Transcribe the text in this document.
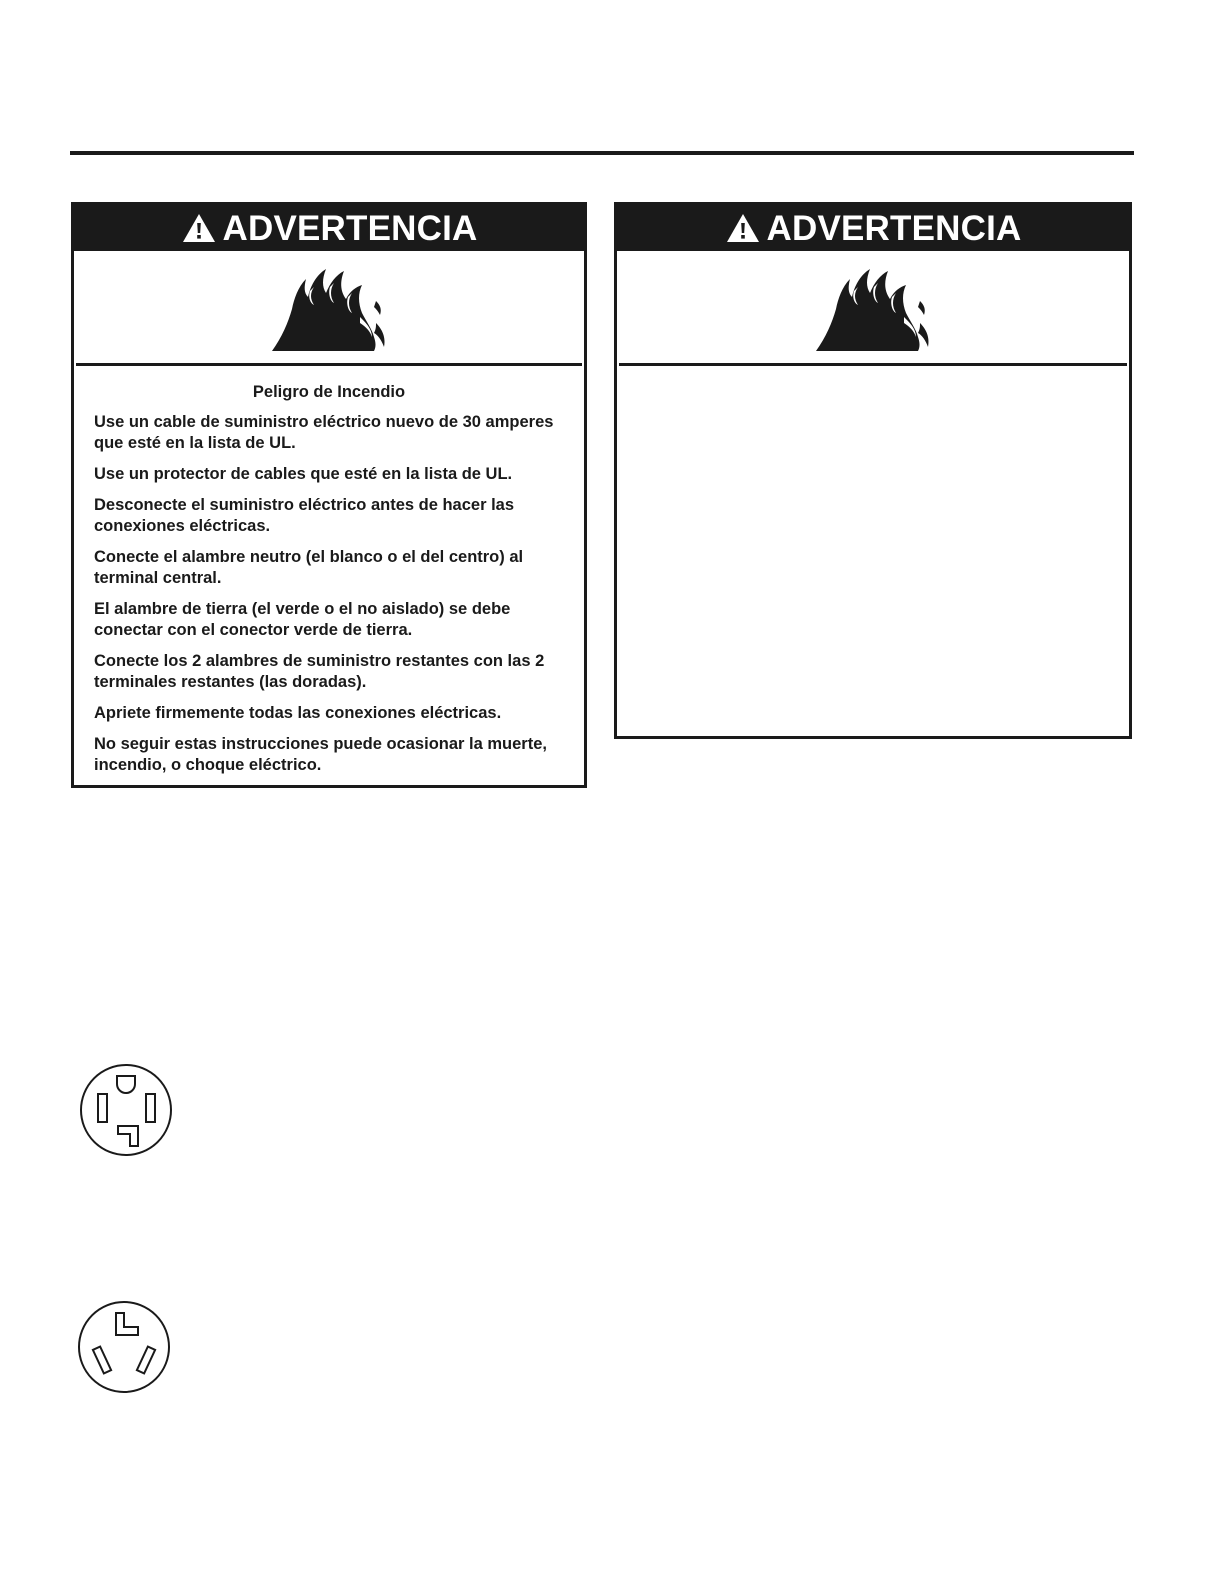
ADVERTENCIA
Peligro de Incendio

Use un cable de suministro eléctrico nuevo de 30 amperes que esté en la lista de UL.

Use un protector de cables que esté en la lista de UL.

Desconecte el suministro eléctrico antes de hacer las conexiones eléctricas.

Conecte el alambre neutro (el blanco o el del centro) al terminal central.

El alambre de tierra (el verde o el no aislado) se debe conectar con el conector verde de tierra.

Conecte los 2 alambres de suministro restantes con las 2 terminales restantes (las doradas).

Apriete firmemente todas las conexiones eléctricas.

No seguir estas instrucciones puede ocasionar la muerte, incendio, o choque eléctrico.

ADVERTENCIA
